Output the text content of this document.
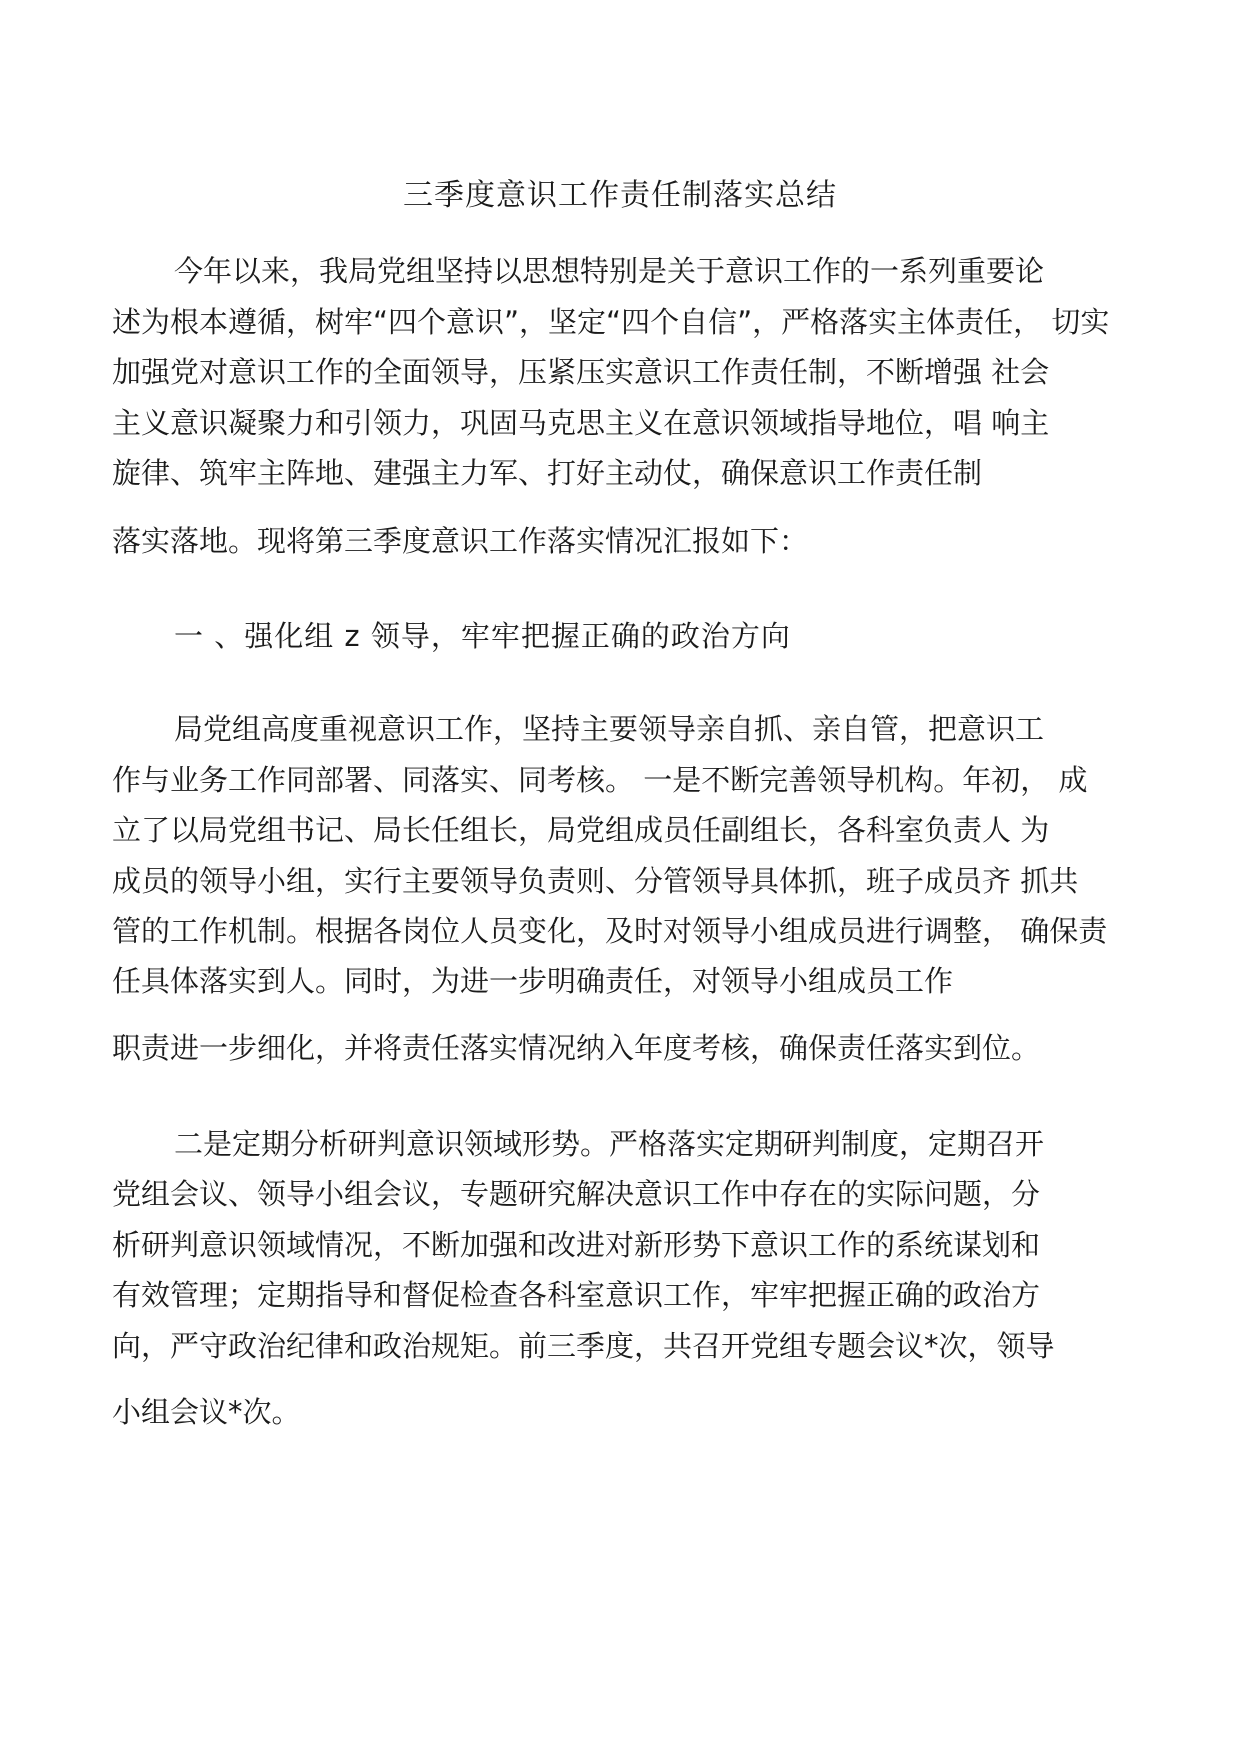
三季度意识工作责任制落实总结
今年以来，我局党组坚持以思想特别是关于意识工作的一系列重要论
述为根本遵循，树牢“四个意识”，坚定“四个自信”，严格落实主体责任， 切实
加强党对意识工作的全面领导，压紧压实意识工作责任制，不断增强 社会
主义意识凝聚力和引领力，巩固马克思主义在意识领域指导地位，唱 响主
旋律、筑牢主阵地、建强主力军、打好主动仗，确保意识工作责任制
落实落地。现将第三季度意识工作落实情况汇报如下：
一 、强化组 z 领导，牢牢把握正确的政治方向
局党组高度重视意识工作，坚持主要领导亲自抓、亲自管，把意识工
作与业务工作同部署、同落实、同考核。 一是不断完善领导机构。年初， 成
立了以局党组书记、局长任组长，局党组成员任副组长，各科室负责人 为
成员的领导小组，实行主要领导负责则、分管领导具体抓，班子成员齐 抓共
管的工作机制。根据各岗位人员变化，及时对领导小组成员进行调整， 确保责
任具体落实到人。同时，为进一步明确责任，对领导小组成员工作
职责进一步细化，并将责任落实情况纳入年度考核，确保责任落实到位。
二是定期分析研判意识领域形势。严格落实定期研判制度，定期召开
党组会议、领导小组会议，专题研究解决意识工作中存在的实际问题，分
析研判意识领域情况，不断加强和改进对新形势下意识工作的系统谋划和
有效管理；定期指导和督促检查各科室意识工作，牢牢把握正确的政治方
向，严守政治纪律和政治规矩。前三季度，共召开党组专题会议*次，领导
小组会议*次。
